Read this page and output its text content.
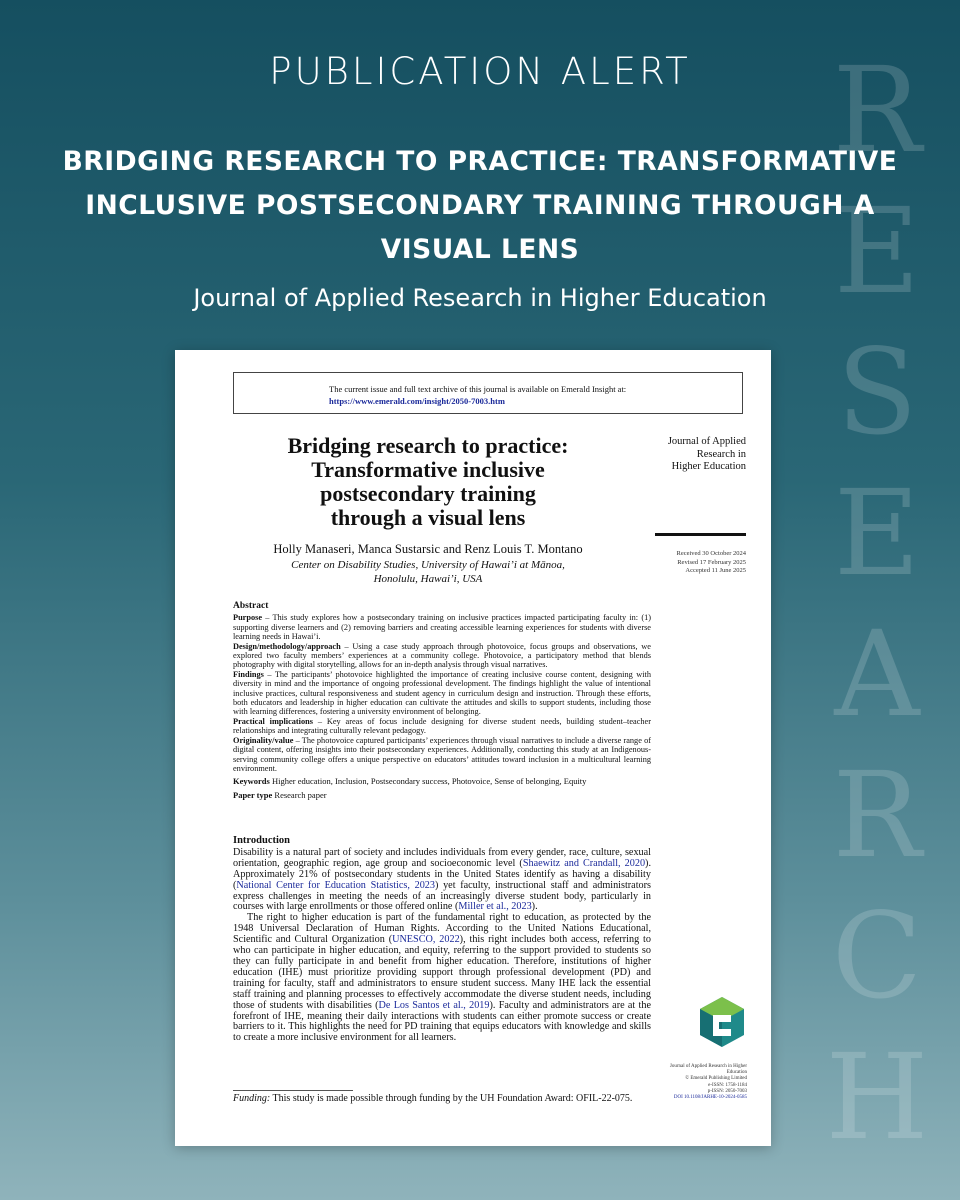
R
E
S
E
A
R
C
H
PUBLICATION ALERT
BRIDGING RESEARCH TO PRACTICE: TRANSFORMATIVE INCLUSIVE POSTSECONDARY TRAINING THROUGH A VISUAL LENS
Journal of Applied Research in Higher Education
The current issue and full text archive of this journal is available on Emerald Insight at:
https://www.emerald.com/insight/2050-7003.htm
Bridging research to practice:
Transformative inclusive
postsecondary training
through a visual lens
Holly Manaseri, Manca Sustarsic and Renz Louis T. Montano
Center on Disability Studies, University of Hawai’i at Mānoa,
Honolulu, Hawai’i, USA
Journal of Applied
Research in
Higher Education
Received 30 October 2024
Revised 17 February 2025
Accepted 11 June 2025
Abstract

Purpose – This study explores how a postsecondary training on inclusive practices impacted participating faculty in: (1) supporting diverse learners and (2) removing barriers and creating accessible learning experiences for students with diverse learning needs in Hawai’i.

Design/methodology/approach – Using a case study approach through photovoice, focus groups and observations, we explored two faculty members’ experiences at a community college. Photovoice, a participatory method that blends photography with digital storytelling, allows for an in-depth analysis through visual narratives.

Findings – The participants’ photovoice highlighted the importance of creating inclusive course content, designing with diversity in mind and the importance of ongoing professional development. The findings highlight the value of intentional inclusive practices, cultural responsiveness and student agency in curriculum design and instruction. Through these efforts, both educators and leadership in higher education can cultivate the attitudes and skills to support students, including those with learning differences, fostering a university environment of belonging.

Practical implications – Key areas of focus include designing for diverse student needs, building student–teacher relationships and integrating culturally relevant pedagogy.

Originality/value – The photovoice captured participants’ experiences through visual narratives to include a diverse range of digital content, offering insights into their postsecondary experiences. Additionally, conducting this study at an Indigenous-serving community college offers a unique perspective on educators’ attitudes toward inclusion in a multicultural learning environment.

Keywords Higher education, Inclusion, Postsecondary success, Photovoice, Sense of belonging, Equity

Paper type Research paper

Introduction

Disability is a natural part of society and includes individuals from every gender, race, culture, sexual orientation, geographic region, age group and socioeconomic level (Shaewitz and Crandall, 2020). Approximately 21% of postsecondary students in the United States identify as having a disability (National Center for Education Statistics, 2023) yet faculty, instructional staff and administrators express challenges in meeting the needs of an increasingly diverse student body, particularly in courses with large enrollments or those offered online (Miller et al., 2023).

The right to higher education is part of the fundamental right to education, as protected by the 1948 Universal Declaration of Human Rights. According to the United Nations Educational, Scientific and Cultural Organization (UNESCO, 2022), this right includes both access, referring to who can participate in higher education, and equity, referring to the support provided to students so they can fully participate in and benefit from higher education. Therefore, institutions of higher education (IHE) must prioritize providing support through professional development (PD) and training for faculty, staff and administrators to ensure student success. Many IHE lack the essential staff training and planning processes to effectively accommodate the diverse student needs, including those of students with disabilities (De Los Santos et al., 2019). Faculty and administrators are at the forefront of IHE, meaning their daily interactions with students can either promote success or create barriers to it. This highlights the need for PD training that equips educators with knowledge and skills to create a more inclusive environment for all learners.

Journal of Applied Research in Higher
Education
© Emerald Publishing Limited
e-ISSN: 1758-1184
p-ISSN: 2050-7003
DOI 10.1108/JARHE-10-2024-0585
Funding: This study is made possible through funding by the UH Foundation Award: OFIL-22-075.
